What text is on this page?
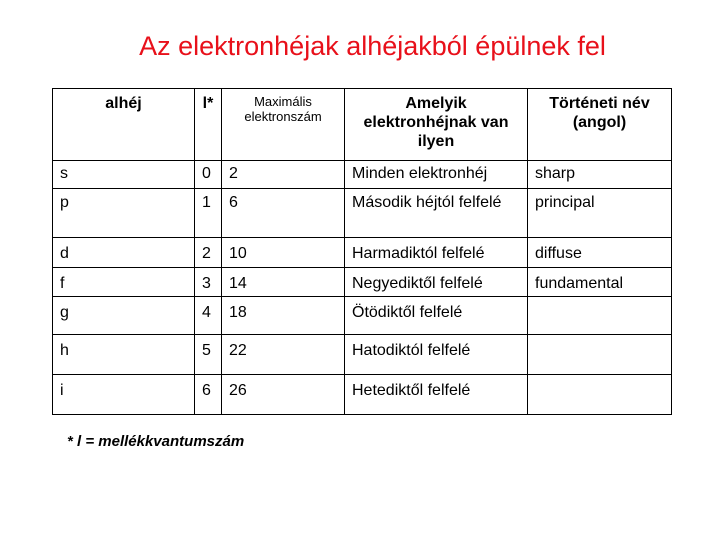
Az elektronhéjak alhéjakból épülnek fel
alhéj	l*	Maximális elektronszám	Amelyik elektronhéjnak van ilyen	Történeti név (angol)
s	0	2	Minden elektronhéj	sharp
p	1	6	Második héjtól felfelé	principal
d	2	10	Harmadiktól felfelé	diffuse
f	3	14	Negyediktől felfelé	fundamental
g	4	18	Ötödiktől felfelé	
h	5	22	Hatodiktól felfelé	
i	6	26	Hetediktől felfelé	
* l = mellékkvantumszám
